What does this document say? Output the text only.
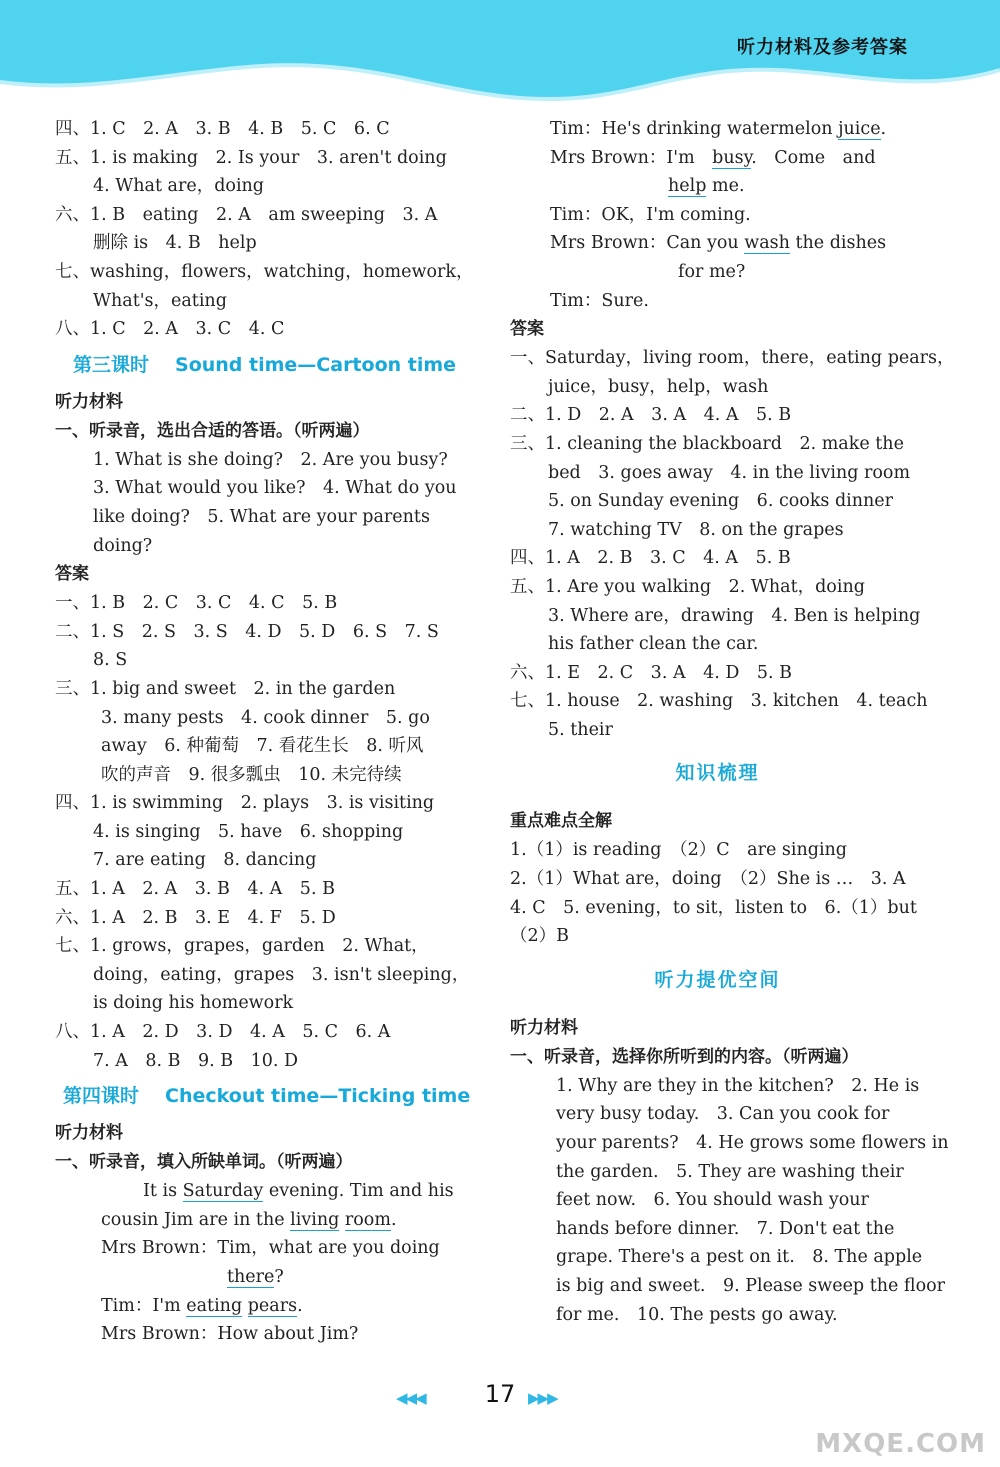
听力材料及参考答案
四、1. C　2. A　3. B　4. B　5. C　6. C
五、1. is making　2. Is your　3. aren't doing
4. What are，doing
六、1. B　eating　2. A　am sweeping　3. A
删除 is　4. B　help
七、washing，flowers，watching，homework，
What's，eating
八、1. C　2. A　3. C　4. C
第三课时 Sound time—Cartoon time
听力材料
一、听录音，选出合适的答语。（听两遍）
1. What is she doing?　2. Are you busy?
3. What would you like?　4. What do you
like doing?　5. What are your parents
doing?
答案
一、1. B　2. C　3. C　4. C　5. B
二、1. S　2. S　3. S　4. D　5. D　6. S　7. S
8. S
三、1. big and sweet　2. in the garden
3. many pests　4. cook dinner　5. go
away　6. 种葡萄　7. 看花生长　8. 听风
吹的声音　9. 很多瓢虫　10. 未完待续
四、1. is swimming　2. plays　3. is visiting
4. is singing　5. have　6. shopping
7. are eating　8. dancing
五、1. A　2. A　3. B　4. A　5. B
六、1. A　2. B　3. E　4. F　5. D
七、1. grows，grapes，garden　2. What，
doing，eating，grapes　3. isn't sleeping，
is doing his homework
八、1. A　2. D　3. D　4. A　5. C　6. A
7. A　8. B　9. B　10. D
第四课时 Checkout time—Ticking time
听力材料
一、听录音，填入所缺单词。（听两遍）
It is Saturday evening. Tim and his
cousin Jim are in the living room.
Mrs Brown：Tim，what are you doing
there?
Tim：I'm eating pears.
Mrs Brown：How about Jim?
Tim：He's drinking watermelon juice.
Mrs Brown：I'm　busy.　Come　and
help me.
Tim：OK，I'm coming.
Mrs Brown：Can you wash the dishes
for me?
Tim：Sure.
答案
一、Saturday，living room，there，eating pears，
juice，busy，help，wash
二、1. D　2. A　3. A　4. A　5. B
三、1. cleaning the blackboard　2. make the
bed　3. goes away　4. in the living room
5. on Sunday evening　6. cooks dinner
7. watching TV　8. on the grapes
四、1. A　2. B　3. C　4. A　5. B
五、1. Are you walking　2. What，doing
3. Where are，drawing　4. Ben is helping
his father clean the car.
六、1. E　2. C　3. A　4. D　5. B
七、1. house　2. washing　3. kitchen　4. teach
5. their
知识梳理
重点难点全解
1.（1）is reading　（2）C　are singing
2.（1）What are，doing　（2）She is …　3. A
4. C　5. evening，to sit，listen to　6.（1）but
（2）B
听力提优空间
听力材料
一、听录音，选择你所听到的内容。（听两遍）
1. Why are they in the kitchen?　2. He is
very busy today.　3. Can you cook for
your parents?　4. He grows some flowers in
the garden.　5. They are washing their
feet now.　6. You should wash your
hands before dinner.　7. Don't eat the
grape. There's a pest on it.　8. The apple
is big and sweet.　9. Please sweep the floor
for me.　10. The pests go away.
◀◀◀	17 ▶▶▶
MXQE.COM
